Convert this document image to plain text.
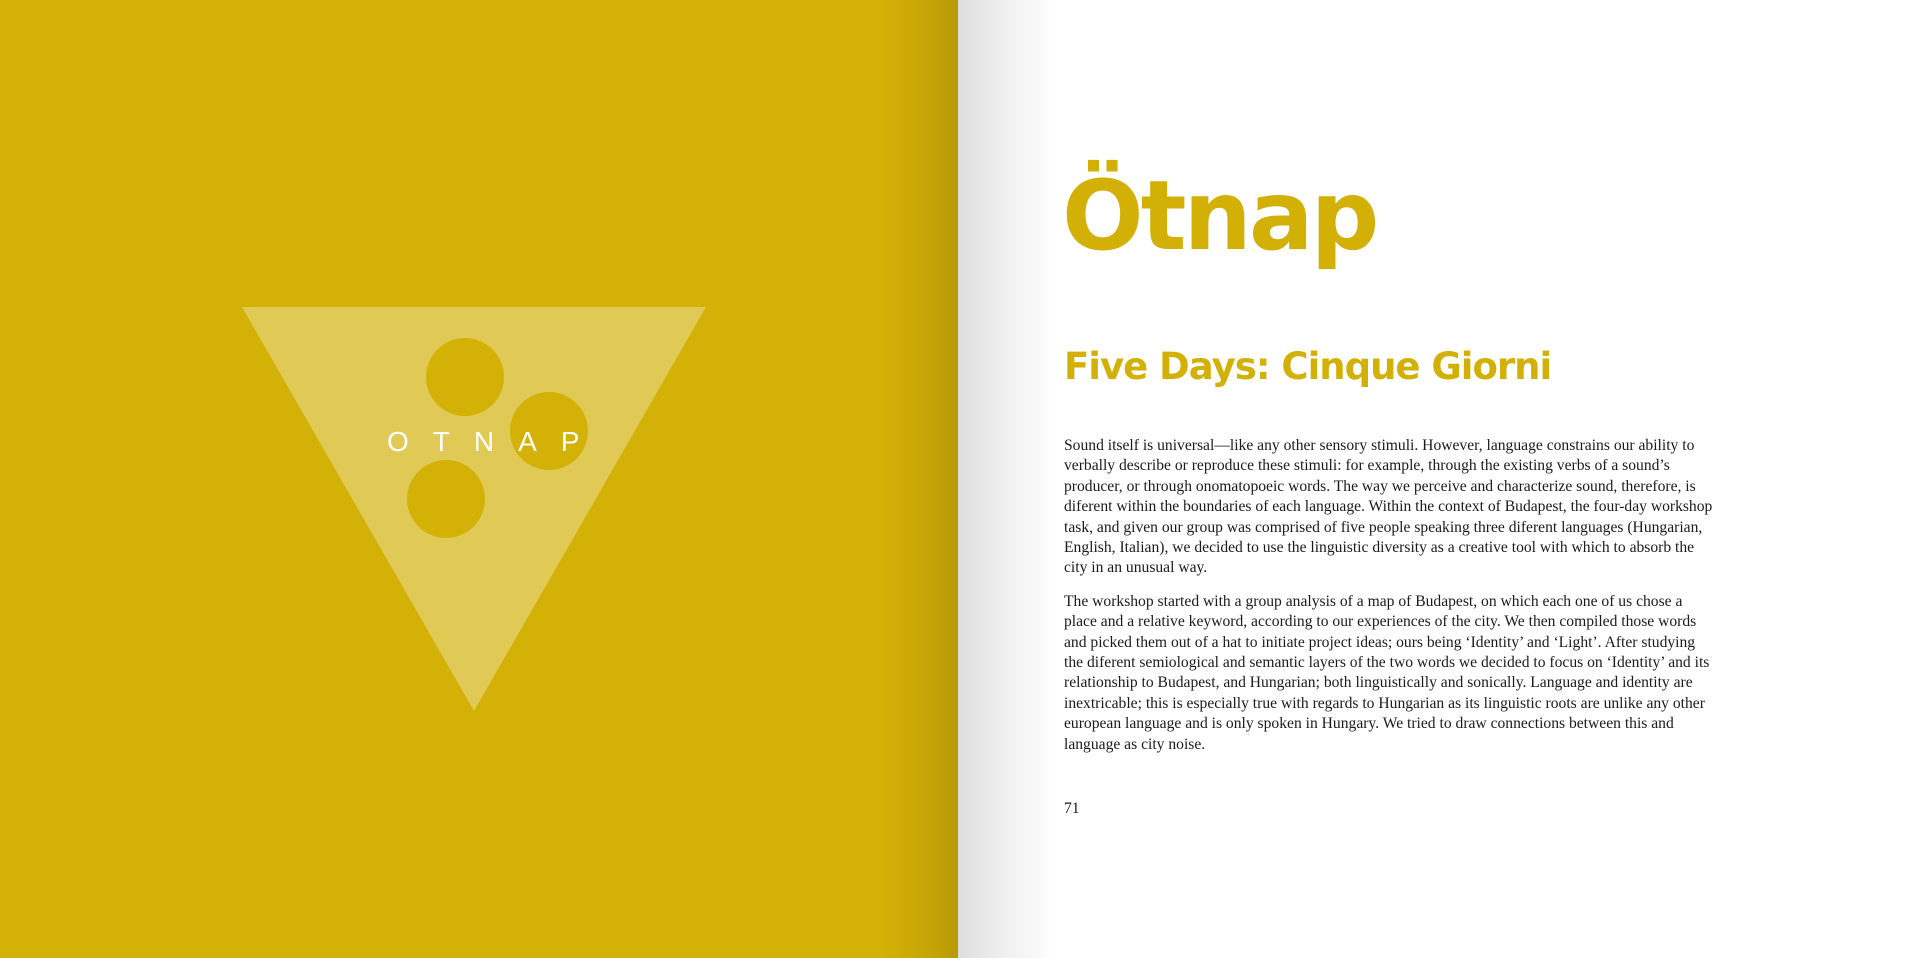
OTNAP
Ötnap
Five Days: Cinque Giorni

Sound itself is universal—like any other sensory stimuli. However, language constrains our ability to verbally describe or reproduce these stimuli: for example, through the existing verbs of a sound’s producer, or through onomatopoeic words. The way we perceive and characterize sound, therefore, is diferent within the boundaries of each language. Within the context of Budapest, the four-day workshop task, and given our group was comprised of five people speaking three diferent languages (Hungarian, English, Italian), we decided to use the linguistic diversity as a creative tool with which to absorb the city in an unusual way.

The workshop started with a group analysis of a map of Budapest, on which each one of us chose a place and a relative keyword, according to our experiences of the city. We then compiled those words and picked them out of a hat to initiate project ideas; ours being ‘Identity’ and ‘Light’. After studying the diferent semiological and semantic layers of the two words we decided to focus on ‘Identity’ and its relationship to Budapest, and Hungarian; both linguistically and sonically. Language and identity are inextricable; this is especially true with regards to Hungarian as its linguistic roots are unlike any other european language and is only spoken in Hungary. We tried to draw connections between this and language as city noise.

71
